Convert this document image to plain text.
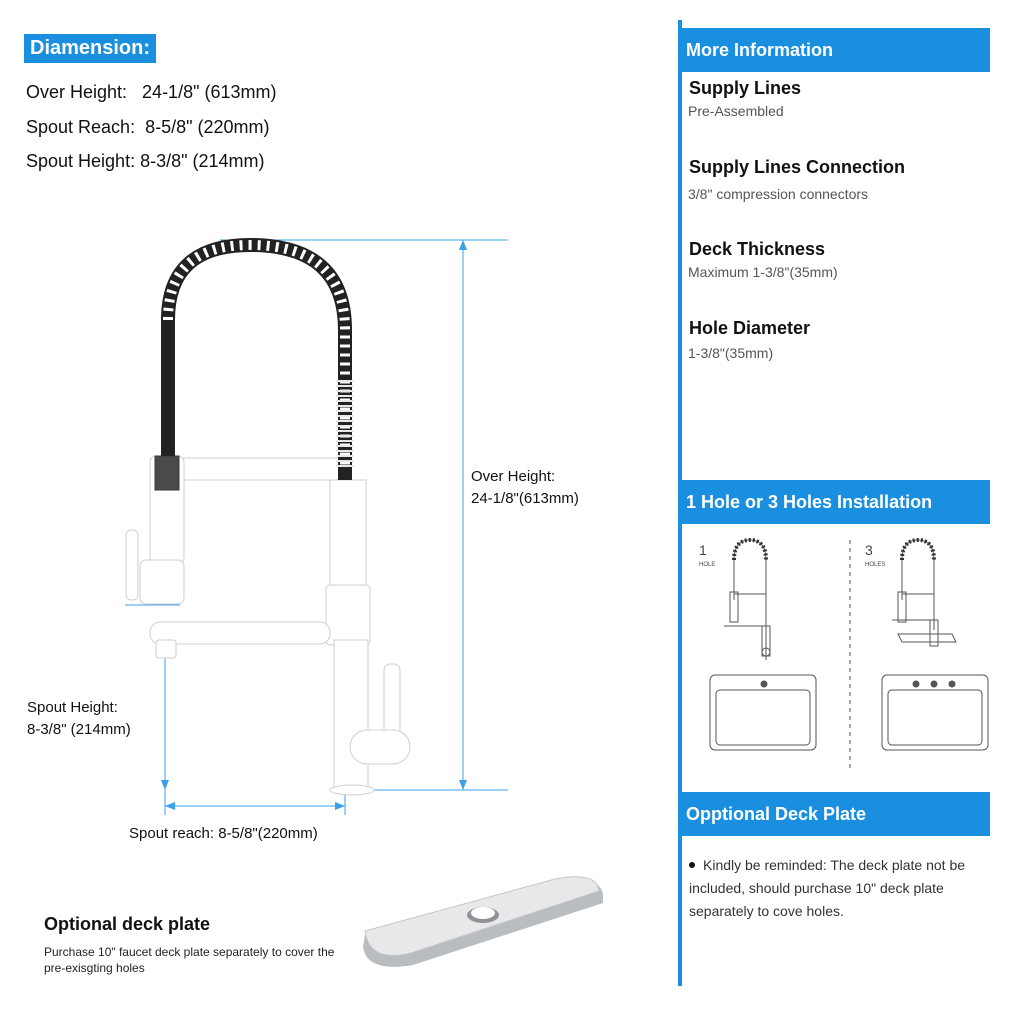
Diamension:
Over Height:   24-1/8" (613mm)
Spout Reach:  8-5/8" (220mm)
Spout Height: 8-3/8" (214mm)
Over Height:
24-1/8"(613mm)
Spout Height:
8-3/8" (214mm)
Spout reach: 8-5/8"(220mm)
Optional deck plate
Purchase 10" faucet deck plate separately to cover the pre-exisgting holes
More Information
Supply Lines
Pre-Assembled
Supply Lines Connection
3/8" compression connectors
Deck Thickness
Maximum 1-3/8"(35mm)
Hole Diameter
1-3/8"(35mm)
1 Hole or 3 Holes Installation
1
HOLE
3
HOLES
Opptional Deck Plate
Kindly be reminded: The deck plate not be included, should purchase 10" deck plate separately to cove holes.
